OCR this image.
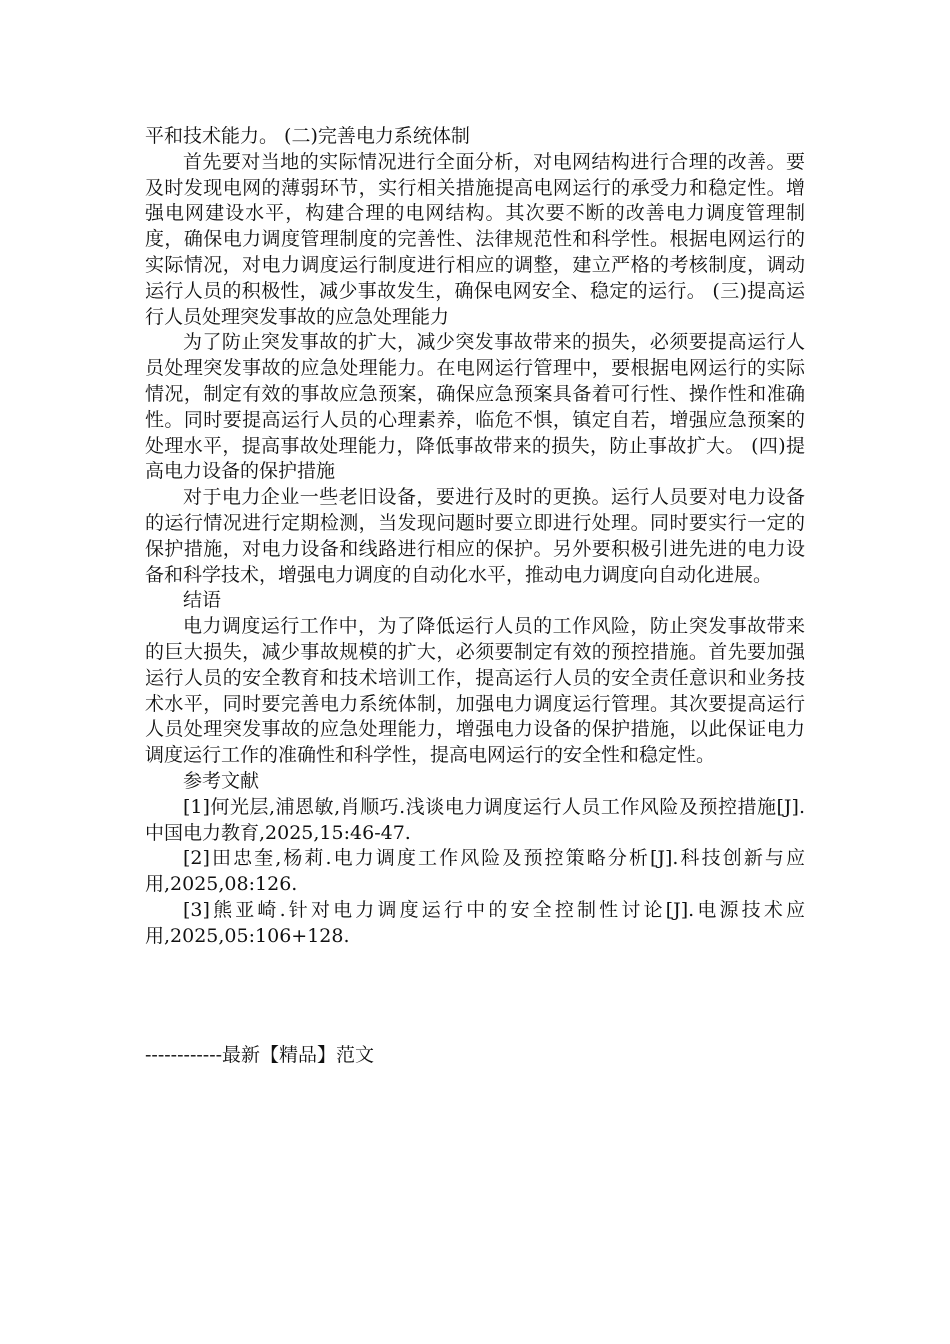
平和技术能力。 (二)完善电力系统体制

首先要对当地的实际情况进行全面分析，对电网结构进行合理的改善。要及时发现电网的薄弱环节，实行相关措施提高电网运行的承受力和稳定性。增强电网建设水平，构建合理的电网结构。其次要不断的改善电力调度管理制度，确保电力调度管理制度的完善性、法律规范性和科学性。根据电网运行的实际情况，对电力调度运行制度进行相应的调整，建立严格的考核制度，调动运行人员的积极性，减少事故发生，确保电网安全、稳定的运行。 (三)提高运行人员处理突发事故的应急处理能力

为了防止突发事故的扩大，减少突发事故带来的损失，必须要提高运行人员处理突发事故的应急处理能力。在电网运行管理中，要根据电网运行的实际情况，制定有效的事故应急预案，确保应急预案具备着可行性、操作性和准确性。同时要提高运行人员的心理素养，临危不惧，镇定自若，增强应急预案的处理水平，提高事故处理能力，降低事故带来的损失，防止事故扩大。 (四)提高电力设备的保护措施

对于电力企业一些老旧设备，要进行及时的更换。运行人员要对电力设备的运行情况进行定期检测，当发现问题时要立即进行处理。同时要实行一定的保护措施，对电力设备和线路进行相应的保护。另外要积极引进先进的电力设备和科学技术，增强电力调度的自动化水平，推动电力调度向自动化进展。

结语

电力调度运行工作中，为了降低运行人员的工作风险，防止突发事故带来的巨大损失，减少事故规模的扩大，必须要制定有效的预控措施。首先要加强运行人员的安全教育和技术培训工作，提高运行人员的安全责任意识和业务技术水平，同时要完善电力系统体制，加强电力调度运行管理。其次要提高运行人员处理突发事故的应急处理能力，增强电力设备的保护措施，以此保证电力调度运行工作的准确性和科学性，提高电网运行的安全性和稳定性。

参考文献

[1]何光层,浦恩敏,肖顺巧.浅谈电力调度运行人员工作风险及预控措施[J].中国电力教育,2025,15:46-47.

[2]田忠奎,杨莉.电力调度工作风险及预控策略分析[J].科技创新与应用,2025,08:126.

[3]熊亚崎.针对电力调度运行中的安全控制性讨论[J].电源技术应用,2025,05:106+128.

------------最新【精品】范文
